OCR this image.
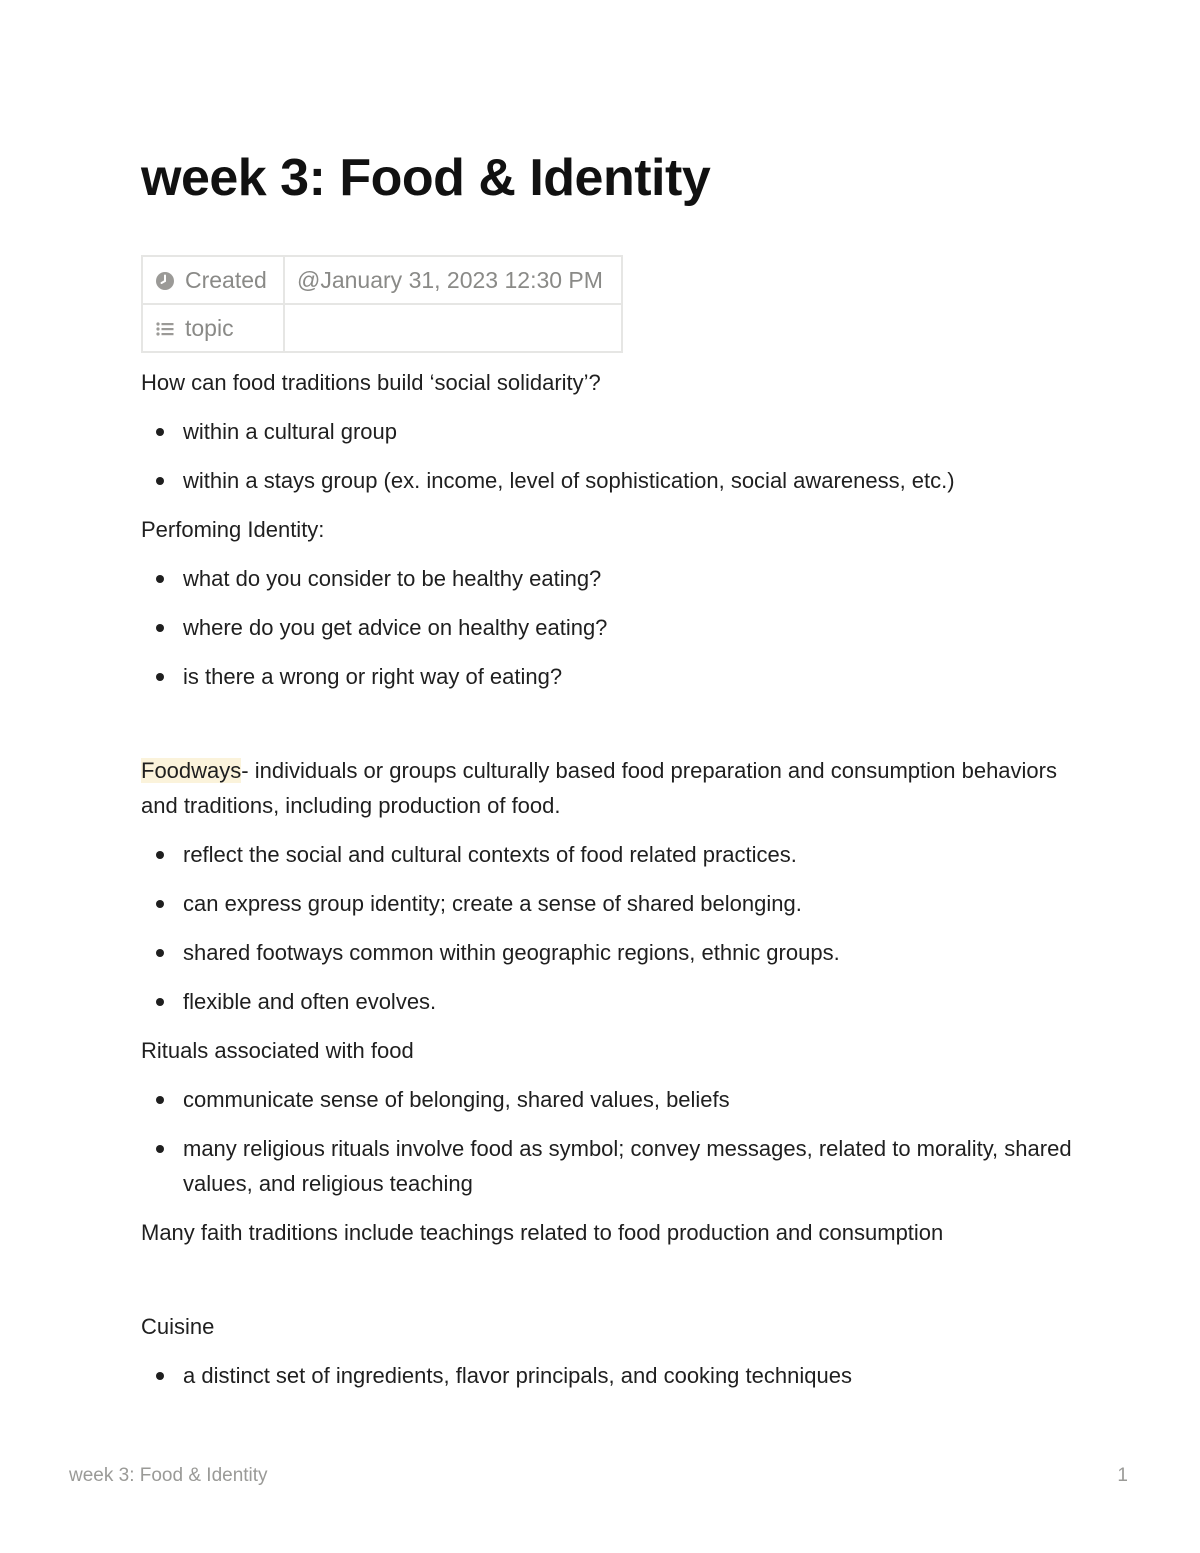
week 3: Food & Identity
Created	@January 31, 2023 12:30 PM
topic	

How can food traditions build ‘social solidarity’?

within a cultural group
within a stays group (ex. income, level of sophistication, social awareness, etc.)

Perfoming Identity:

what do you consider to be healthy eating?
where do you get advice on healthy eating?
is there a wrong or right way of eating?

Foodways- individuals or groups culturally based food preparation and consumption behaviors and traditions, including production of food.

reflect the social and cultural contexts of food related practices.
can express group identity; create a sense of shared belonging.
shared footways common within geographic regions, ethnic groups.
flexible and often evolves.

Rituals associated with food

communicate sense of belonging, shared values, beliefs
many religious rituals involve food as symbol; convey messages, related to morality, shared values, and religious teaching

Many faith traditions include teachings related to food production and consumption

Cuisine

a distinct set of ingredients, flavor principals, and cooking techniques
week 3: Food & Identity	1
